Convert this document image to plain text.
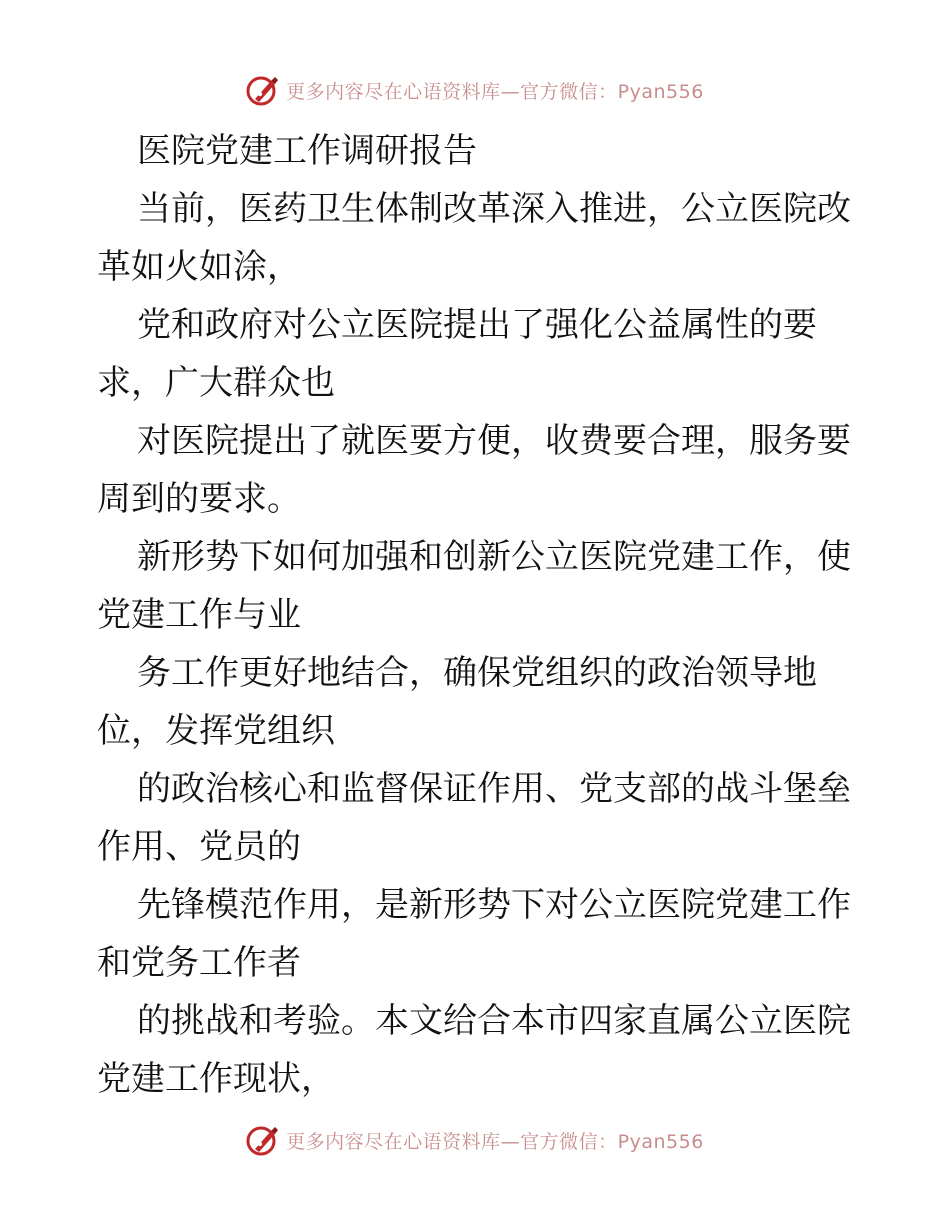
更多内容尽在心语资料库—官方微信：Pyan556

医院党建工作调研报告

当前，医药卫生体制改革深入推进，公立医院改革如火如涂，

党和政府对公立医院提出了强化公益属性的要求，广大群众也

对医院提出了就医要方便，收费要合理，服务要周到的要求。

新形势下如何加强和创新公立医院党建工作，使党建工作与业

务工作更好地结合，确保党组织的政治领导地位，发挥党组织

的政治核心和监督保证作用、党支部的战斗堡垒作用、党员的

先锋模范作用，是新形势下对公立医院党建工作和党务工作者

的挑战和考验。本文给合本市四家直属公立医院党建工作现状，

更多内容尽在心语资料库—官方微信：Pyan556
